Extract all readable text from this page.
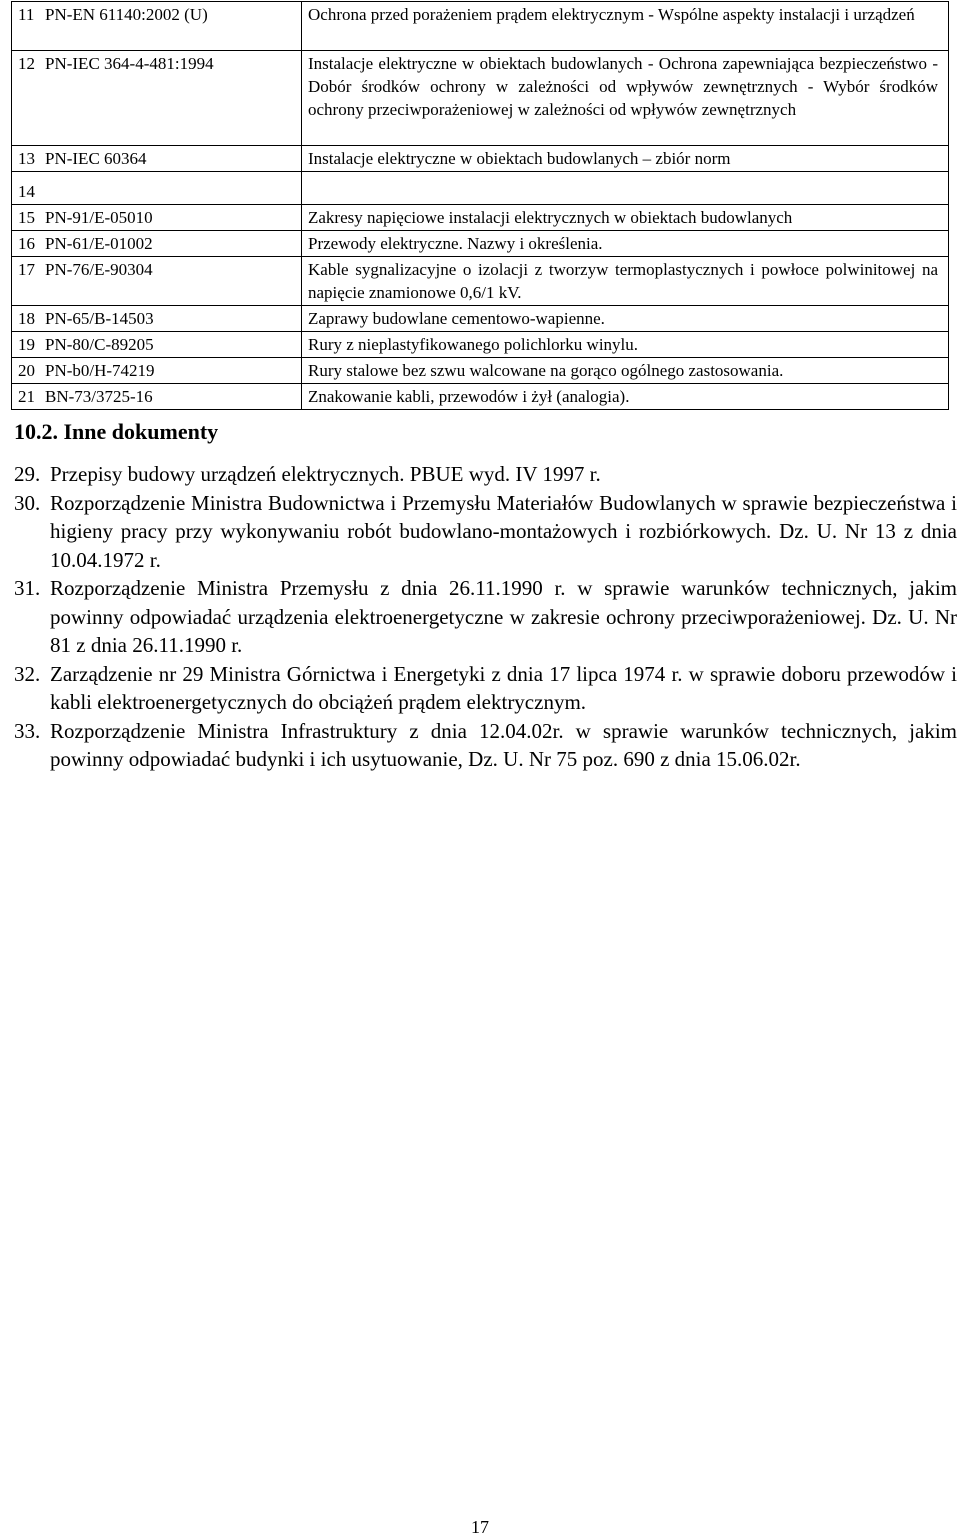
11	PN-EN 61140:2002 (U)	Ochrona przed porażeniem prądem elektrycznym - Wspólne aspekty instalacji i urządzeń
12	PN-IEC 364-4-481:1994	Instalacje elektryczne w obiektach budowlanych - Ochrona zapewniająca bezpieczeństwo - Dobór środków ochrony w zależności od wpływów zewnętrznych - Wybór środków ochrony przeciwporażeniowej w zależności od wpływów zewnętrznych
13	PN-IEC 60364	Instalacje elektryczne w obiektach budowlanych – zbiór norm
14		
15	PN-91/E-05010	Zakresy napięciowe instalacji elektrycznych w obiektach budowlanych
16	PN-61/E-01002	Przewody elektryczne. Nazwy i określenia.
17	PN-76/E-90304	Kable sygnalizacyjne o izolacji z tworzyw termoplastycznych i powłoce polwinitowej na napięcie znamionowe 0,6/1 kV.
18	PN-65/B-14503	Zaprawy budowlane cementowo-wapienne.
19	PN-80/C-89205	Rury z nieplastyfikowanego polichlorku winylu.
20	PN-b0/H-74219	Rury stalowe bez szwu walcowane na gorąco ogólnego zastosowania.
21	BN-73/3725-16	Znakowanie kabli, przewodów i żył (analogia).
10.2. Inne dokumenty
29. Przepisy budowy urządzeń elektrycznych. PBUE wyd. IV 1997 r.
30. Rozporządzenie Ministra Budownictwa i Przemysłu Materiałów Budowlanych w sprawie bezpieczeństwa i higieny pracy przy wykonywaniu robót budowlano-montażowych i rozbiórkowych. Dz. U. Nr 13 z dnia 10.04.1972 r.
31. Rozporządzenie Ministra Przemysłu z dnia 26.11.1990 r. w sprawie warunków technicznych, jakim powinny odpowiadać urządzenia elektroenergetyczne w zakresie ochrony przeciwporażeniowej. Dz. U. Nr 81 z dnia 26.11.1990 r.
32. Zarządzenie nr 29 Ministra Górnictwa i Energetyki z dnia 17 lipca 1974 r. w sprawie doboru przewodów i kabli elektroenergetycznych do obciążeń prądem elektrycznym.
33. Rozporządzenie Ministra Infrastruktury z dnia 12.04.02r. w sprawie warunków technicznych, jakim powinny odpowiadać budynki i ich usytuowanie, Dz. U. Nr 75 poz. 690 z dnia 15.06.02r.
17
